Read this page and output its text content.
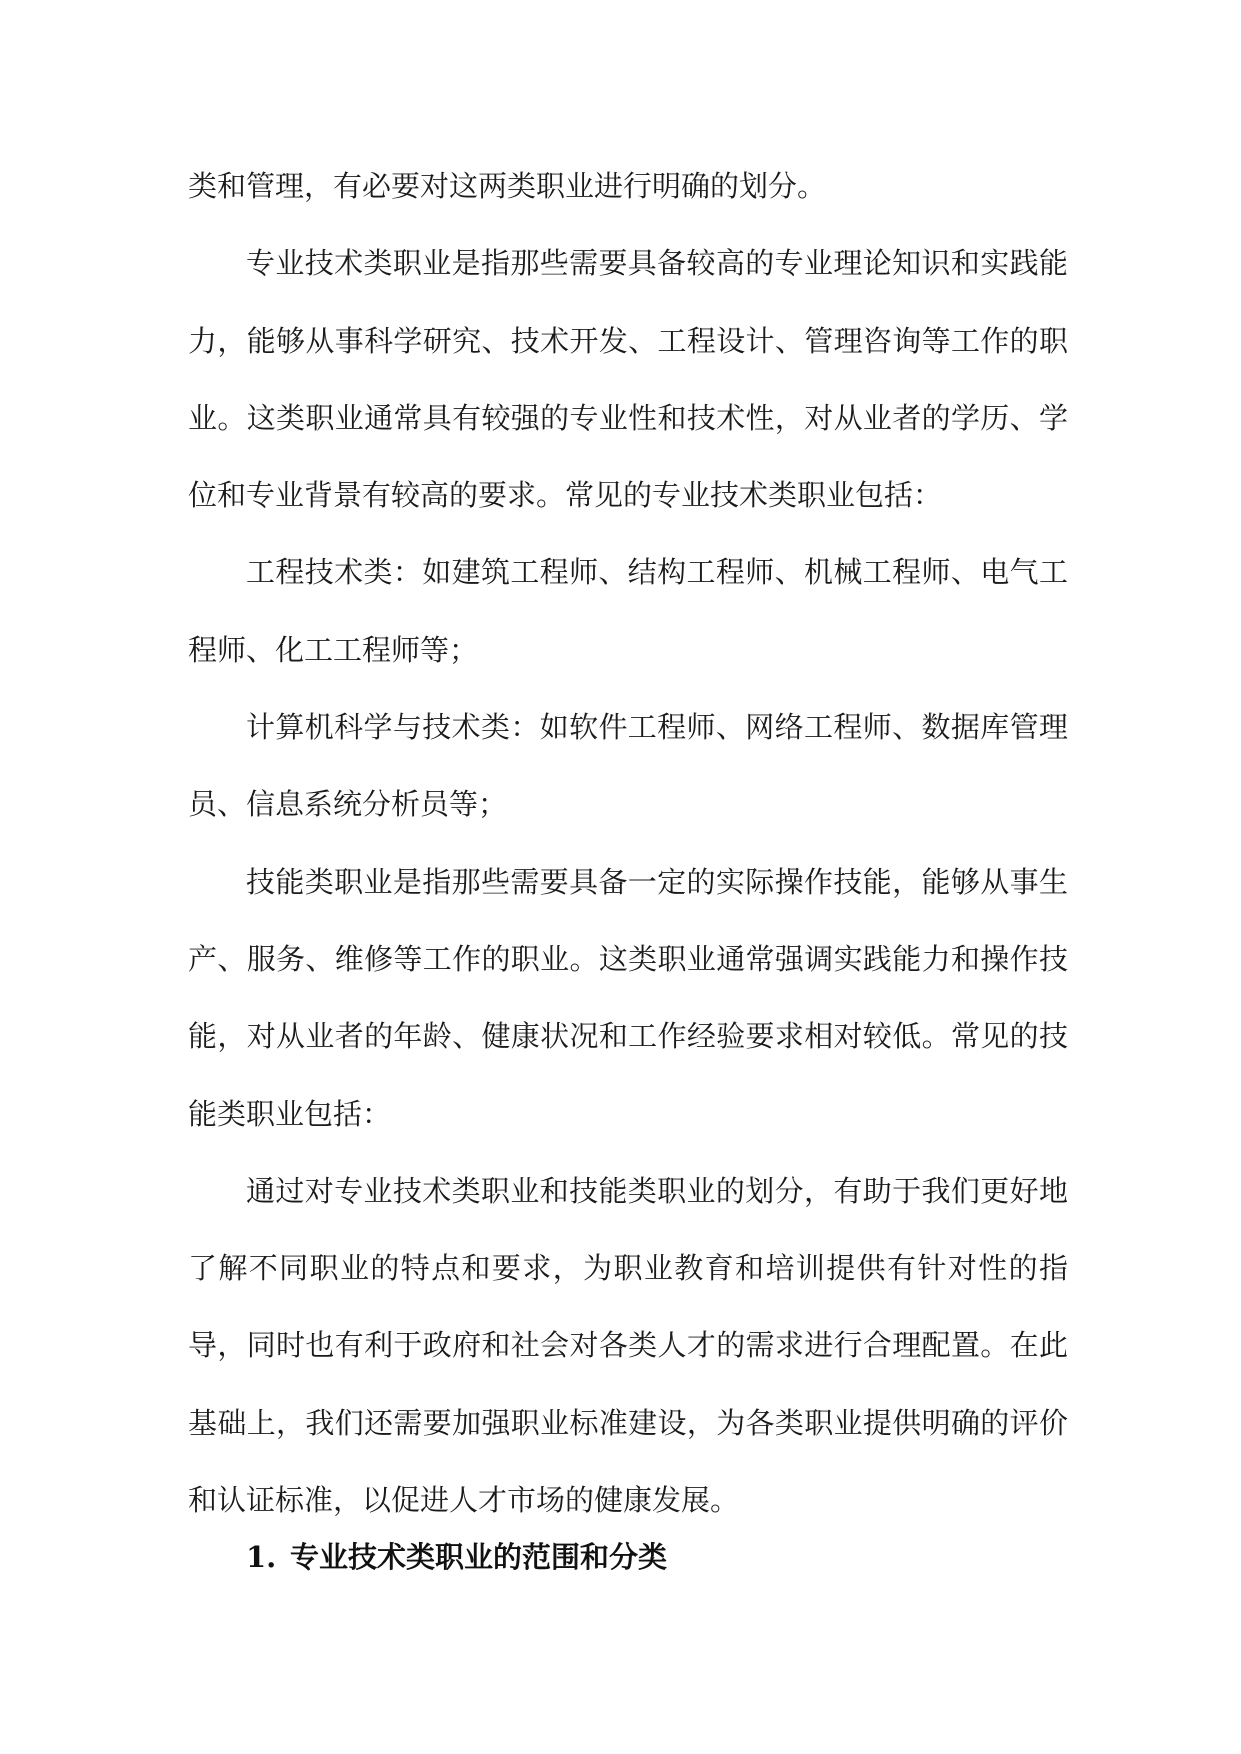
类和管理，有必要对这两类职业进行明确的划分。

专业技术类职业是指那些需要具备较高的专业理论知识和实践能力，能够从事科学研究、技术开发、工程设计、管理咨询等工作的职业。这类职业通常具有较强的专业性和技术性，对从业者的学历、学位和专业背景有较高的要求。常见的专业技术类职业包括：

工程技术类：如建筑工程师、结构工程师、机械工程师、电气工程师、化工工程师等；

计算机科学与技术类：如软件工程师、网络工程师、数据库管理员、信息系统分析员等；

技能类职业是指那些需要具备一定的实际操作技能，能够从事生产、服务、维修等工作的职业。这类职业通常强调实践能力和操作技能，对从业者的年龄、健康状况和工作经验要求相对较低。常见的技能类职业包括：

通过对专业技术类职业和技能类职业的划分，有助于我们更好地了解不同职业的特点和要求，为职业教育和培训提供有针对性的指导，同时也有利于政府和社会对各类人才的需求进行合理配置。在此基础上，我们还需要加强职业标准建设，为各类职业提供明确的评价和认证标准，以促进人才市场的健康发展。

1. 专业技术类职业的范围和分类
